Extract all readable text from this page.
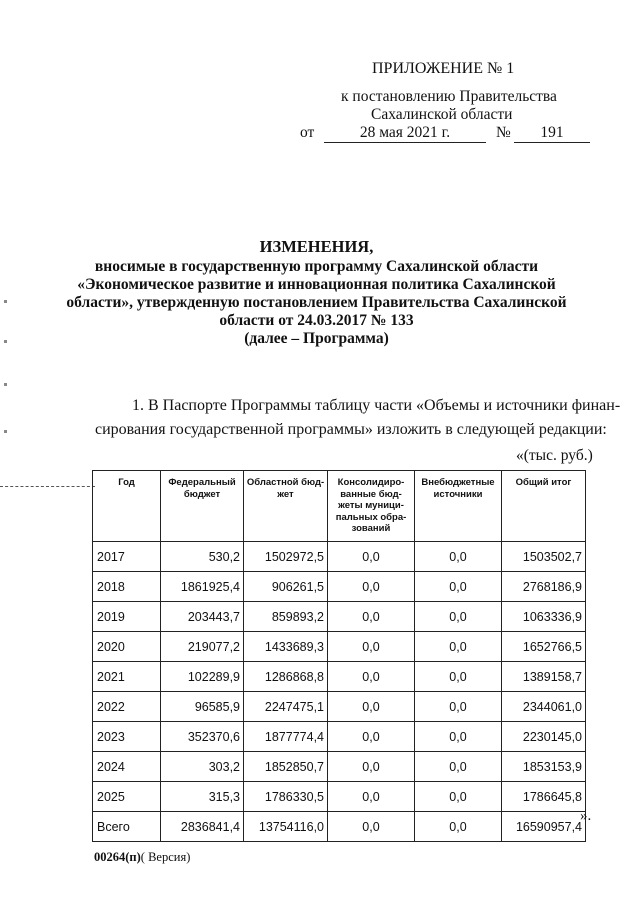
ПРИЛОЖЕНИЕ № 1
к постановлению Правительства
Сахалинской области
от	28 мая 2021 г.	№	191
ИЗМЕНЕНИЯ,
вносимые в государственную программу Сахалинской области
«Экономическое развитие и инновационная политика Сахалинской
области», утвержденную постановлением Правительства Сахалинской
области от 24.03.2017 № 133
(далее – Программа)
1. В Паспорте Программы таблицу части «Объемы и источники финан-
сирования государственной программы» изложить в следующей редакции:
«(тыс. руб.)
Год	Федеральный бюджет	Областной бюд- жет	Консолидиро- ванные бюд- жеты муници- пальных обра- зований	Внебюджетные источники	Общий итог
2017	530,2	1502972,5	0,0	0,0	1503502,7
2018	1861925,4	906261,5	0,0	0,0	2768186,9
2019	203443,7	859893,2	0,0	0,0	1063336,9
2020	219077,2	1433689,3	0,0	0,0	1652766,5
2021	102289,9	1286868,8	0,0	0,0	1389158,7
2022	96585,9	2247475,1	0,0	0,0	2344061,0
2023	352370,6	1877774,4	0,0	0,0	2230145,0
2024	303,2	1852850,7	0,0	0,0	1853153,9
2025	315,3	1786330,5	0,0	0,0	1786645,8
Всего	2836841,4	13754116,0	0,0	0,0	16590957,4
».
00264(п)( Версия)
